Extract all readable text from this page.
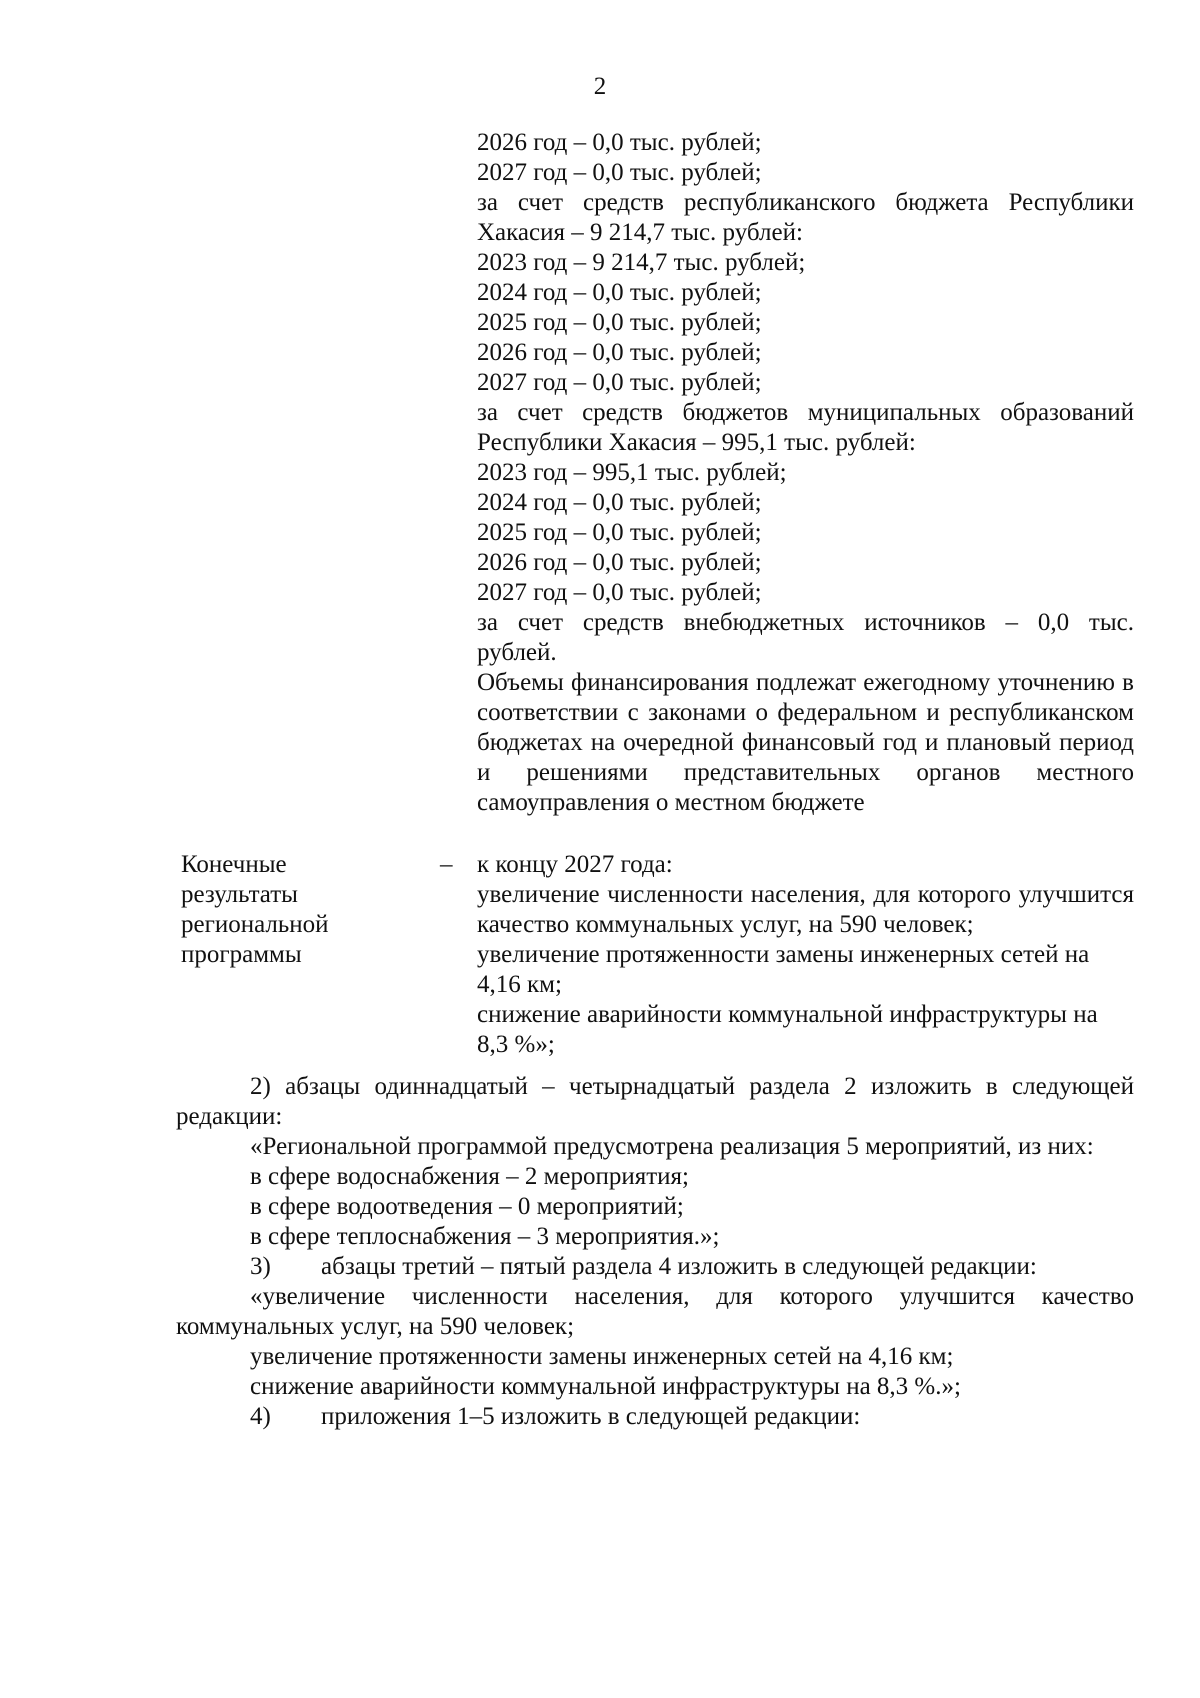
2
2026 год – 0,0 тыс. рублей;
2027 год – 0,0 тыс. рублей;
за счет средств республиканского бюджета Республики
Хакасия – 9 214,7 тыс. рублей:
2023 год – 9 214,7 тыс. рублей;
2024 год – 0,0 тыс. рублей;
2025 год – 0,0 тыс. рублей;
2026 год – 0,0 тыс. рублей;
2027 год – 0,0 тыс. рублей;
за счет средств бюджетов муниципальных образований
Республики Хакасия – 995,1 тыс. рублей:
2023 год – 995,1 тыс. рублей;
2024 год – 0,0 тыс. рублей;
2025 год – 0,0 тыс. рублей;
2026 год – 0,0 тыс. рублей;
2027 год – 0,0 тыс. рублей;
за счет средств внебюджетных источников – 0,0 тыс.
рублей.
Объемы финансирования подлежат ежегодному уточнению в соответствии с законами о федеральном и республиканском бюджетах на очередной финансовый год и плановый период и решениями представительных органов местного самоуправления о местном бюджете
Конечные результаты региональной программы
– к концу 2027 года:
увеличение численности населения, для которого улучшится качество коммунальных услуг, на 590 человек;
увеличение протяженности замены инженерных сетей на 4,16 км;
снижение аварийности коммунальной инфраструктуры на 8,3 %»;

2) абзацы одиннадцатый – четырнадцатый раздела 2 изложить в следующей редакции:

«Региональной программой предусмотрена реализация 5 мероприятий, из них:

в сфере водоснабжения – 2 мероприятия;

в сфере водоотведения – 0 мероприятий;

в сфере теплоснабжения – 3 мероприятия.»;

3) абзацы третий – пятый раздела 4 изложить в следующей редакции:

«увеличение численности населения, для которого улучшится качество коммунальных услуг, на 590 человек;

увеличение протяженности замены инженерных сетей на 4,16 км;

снижение аварийности коммунальной инфраструктуры на 8,3 %.»;

4) приложения 1–5 изложить в следующей редакции:
